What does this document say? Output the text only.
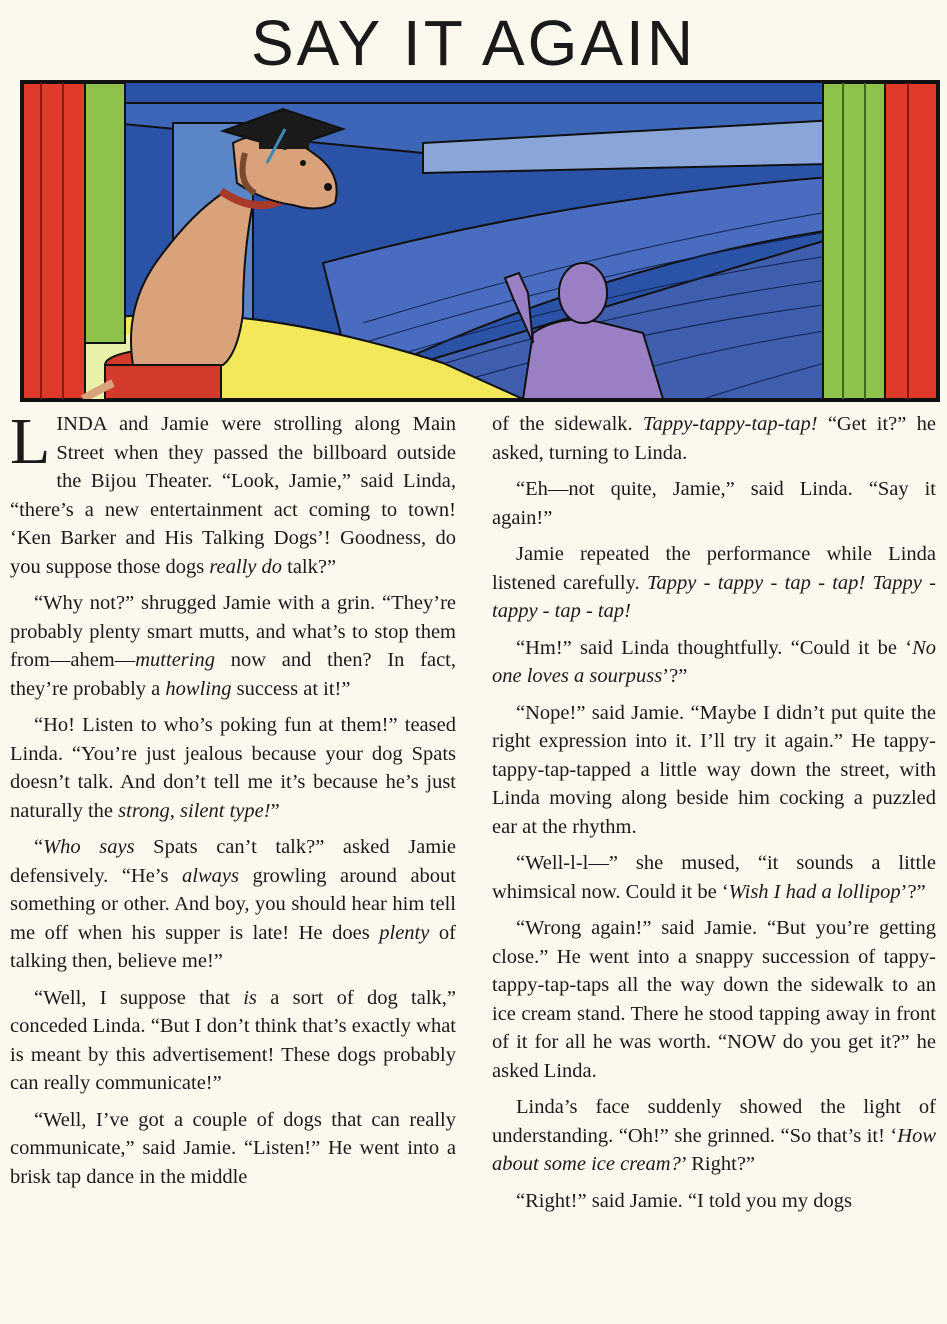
SAY IT AGAIN

LINDA and Jamie were strolling along Main Street when they passed the billboard outside the Bijou Theater. “Look, Jamie,” said Linda, “there’s a new entertainment act coming to town! ‘Ken Barker and His Talking Dogs’! Goodness, do you suppose those dogs really do talk?”

“Why not?” shrugged Jamie with a grin. “They’re probably plenty smart mutts, and what’s to stop them from—ahem—muttering now and then? In fact, they’re probably a howling success at it!”

“Ho! Listen to who’s poking fun at them!” teased Linda. “You’re just jealous because your dog Spats doesn’t talk. And don’t tell me it’s because he’s just naturally the strong, silent type!”

“Who says Spats can’t talk?” asked Jamie defensively. “He’s always growling around about something or other. And boy, you should hear him tell me off when his supper is late! He does plenty of talking then, believe me!”

“Well, I suppose that is a sort of dog talk,” conceded Linda. “But I don’t think that’s exactly what is meant by this advertisement! These dogs probably can really communicate!”

“Well, I’ve got a couple of dogs that can really communicate,” said Jamie. “Listen!” He went into a brisk tap dance in the middle

of the sidewalk. Tappy-tappy-tap-tap! “Get it?” he asked, turning to Linda.

“Eh—not quite, Jamie,” said Linda. “Say it again!”

Jamie repeated the performance while Linda listened carefully. Tappy - tappy - tap - tap! Tappy - tappy - tap - tap!

“Hm!” said Linda thoughtfully. “Could it be ‘No one loves a sourpuss’?”

“Nope!” said Jamie. “Maybe I didn’t put quite the right expression into it. I’ll try it again.” He tappy-tappy-tap-tapped a little way down the street, with Linda moving along beside him cocking a puzzled ear at the rhythm.

“Well-l-l—” she mused, “it sounds a little whimsical now. Could it be ‘Wish I had a lollipop’?”

“Wrong again!” said Jamie. “But you’re getting close.” He went into a snappy succession of tappy-tappy-tap-taps all the way down the sidewalk to an ice cream stand. There he stood tapping away in front of it for all he was worth. “NOW do you get it?” he asked Linda.

Linda’s face suddenly showed the light of understanding. “Oh!” she grinned. “So that’s it! ‘How about some ice cream?’ Right?”

“Right!” said Jamie. “I told you my dogs
